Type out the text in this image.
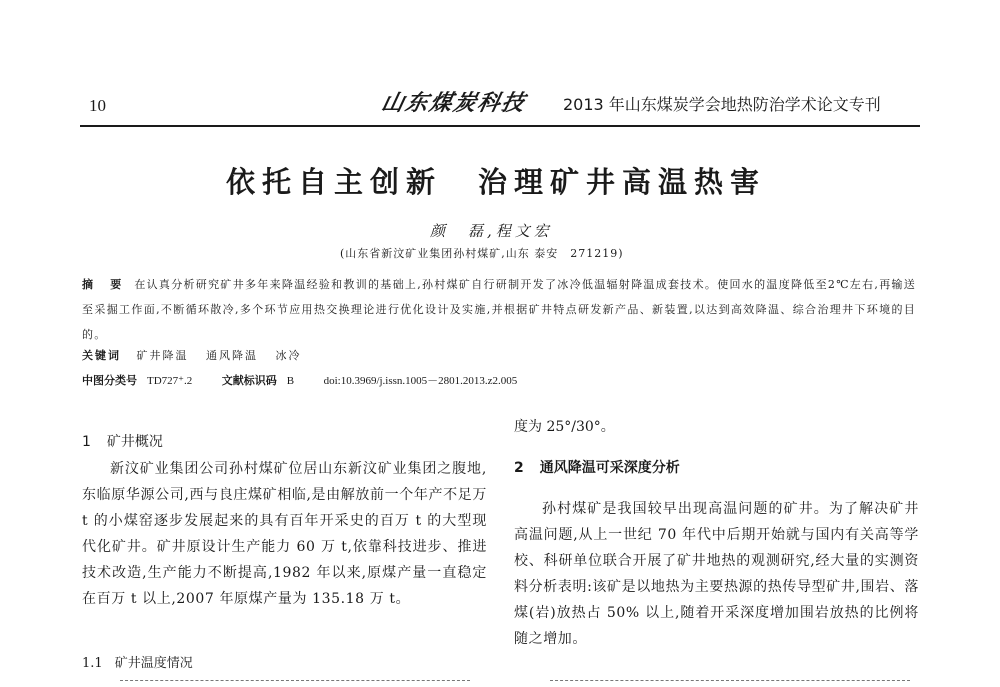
10	山东煤炭科技 2013 年山东煤炭学会地热防治学术论文专刊
依托自主创新　治理矿井高温热害
颜　磊,程文宏
(山东省新汶矿业集团孙村煤矿,山东 泰安　271219)
摘　要 在认真分析研究矿井多年来降温经验和教训的基础上,孙村煤矿自行研制开发了冰冷低温辐射降温成套技术。使回水的温度降低至2℃左右,再输送至采掘工作面,不断循环散冷,多个环节应用热交换理论进行优化设计及实施,并根据矿井特点研发新产品、新装置,以达到高效降温、综合治理井下环境的目的。
关键词 矿井降温 通风降温 冰冷
中图分类号 TD727⁺.2	文献标识码 B	doi:10.3969/j.issn.1005－2801.2013.z2.005
1 矿井概况

新汶矿业集团公司孙村煤矿位居山东新汶矿业集团之腹地,东临原华源公司,西与良庄煤矿相临,是由解放前一个年产不足万 t 的小煤窑逐步发展起来的具有百年开采史的百万 t 的大型现代化矿井。矿井原设计生产能力 60 万 t,依靠科技进步、推进技术改造,生产能力不断提高,1982 年以来,原煤产量一直稳定在百万 t 以上,2007 年原煤产量为 135.18 万 t。

1.1 矿井温度情况
度为 25°/30°。
2 通风降温可采深度分析

孙村煤矿是我国较早出现高温问题的矿井。为了解决矿井高温问题,从上一世纪 70 年代中后期开始就与国内有关高等学校、科研单位联合开展了矿井地热的观测研究,经大量的实测资料分析表明:该矿是以地热为主要热源的热传导型矿井,围岩、落煤(岩)放热占 50% 以上,随着开采深度增加围岩放热的比例将随之增加。
